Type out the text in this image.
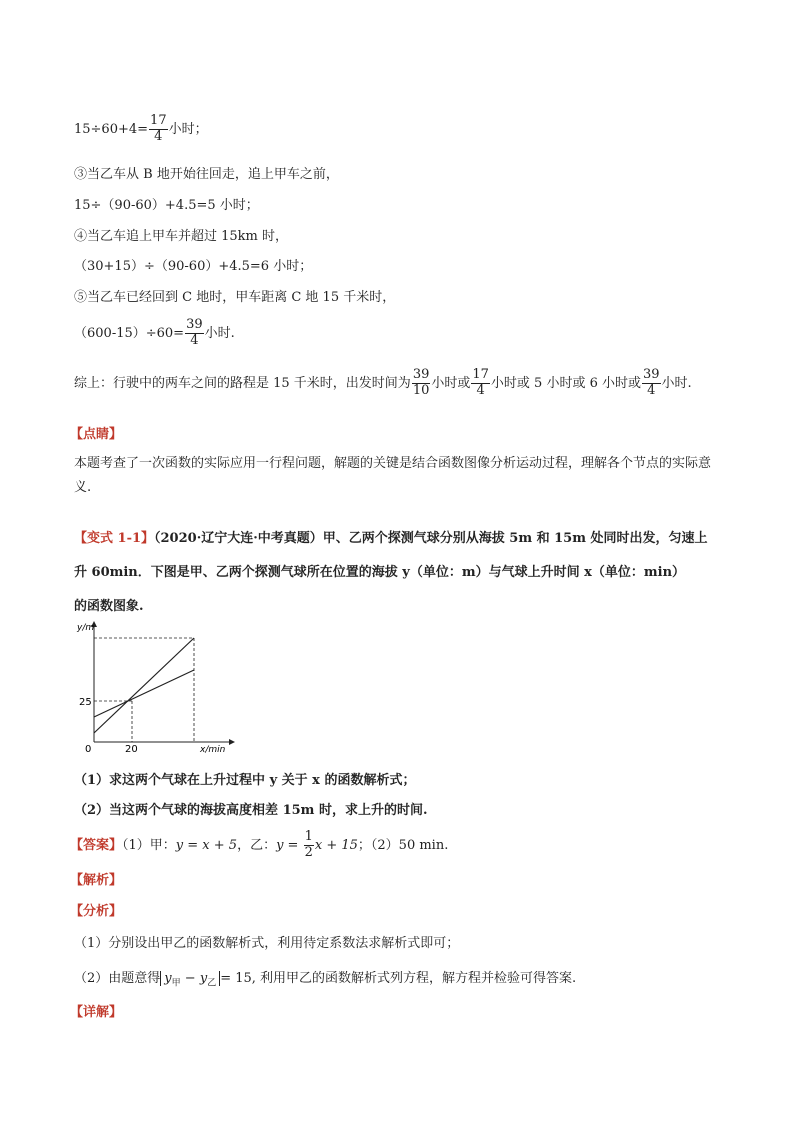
$15\div 60+4= \frac{17}{4}$ 小时；
③当乙车从 B 地开始往回走，追上甲车之前，
15÷（90-60）+4.5=5 小时；
④当乙车追上甲车并超过 15km 时，
（30+15）÷（90-60）+4.5=6 小时；
⑤当乙车已经回到 C 地时，甲车距离 C 地 15 千米时，
$(600-15)\div 60= \frac{39}{4}$ 小时.
综上：行驶中的两车之间的路程是 15 千米时，出发时间为 $\frac{39}{10}$ 小时或 $\frac{17}{4}$ 小时或 5 小时或 6 小时或 $\frac{39}{4}$ 小时.
【点睛】
本题考查了一次函数的实际应用一行程问题，解题的关键是结合函数图像分析运动过程，理解各个节点的实际意义.
【变式 1-1】（2020·辽宁大连·中考真题）甲、乙两个探测气球分别从海拔 5m 和 15m 处同时出发，匀速上
升 60min．下图是甲、乙两个探测气球所在位置的海拔 y（单位：m）与气球上升时间 x（单位：min）
的函数图象.
y/m
x/min
0
25
20
（1）求这两个气球在上升过程中 y 关于 x 的函数解析式；
（2）当这两个气球的海拔高度相差 15m 时，求上升的时间.
【答案】（1）甲：y = x + 5，乙：$y = \frac{1}{2}$ x + 15；（2）50 min.
【解析】
【分析】
（1）分别设出甲乙的函数解析式，利用待定系数法求解析式即可；
（2）由题意得 $y_甲 - y_乙 = 15$, 利用甲乙的函数解析式列方程，解方程并检验可得答案.
【详解】
